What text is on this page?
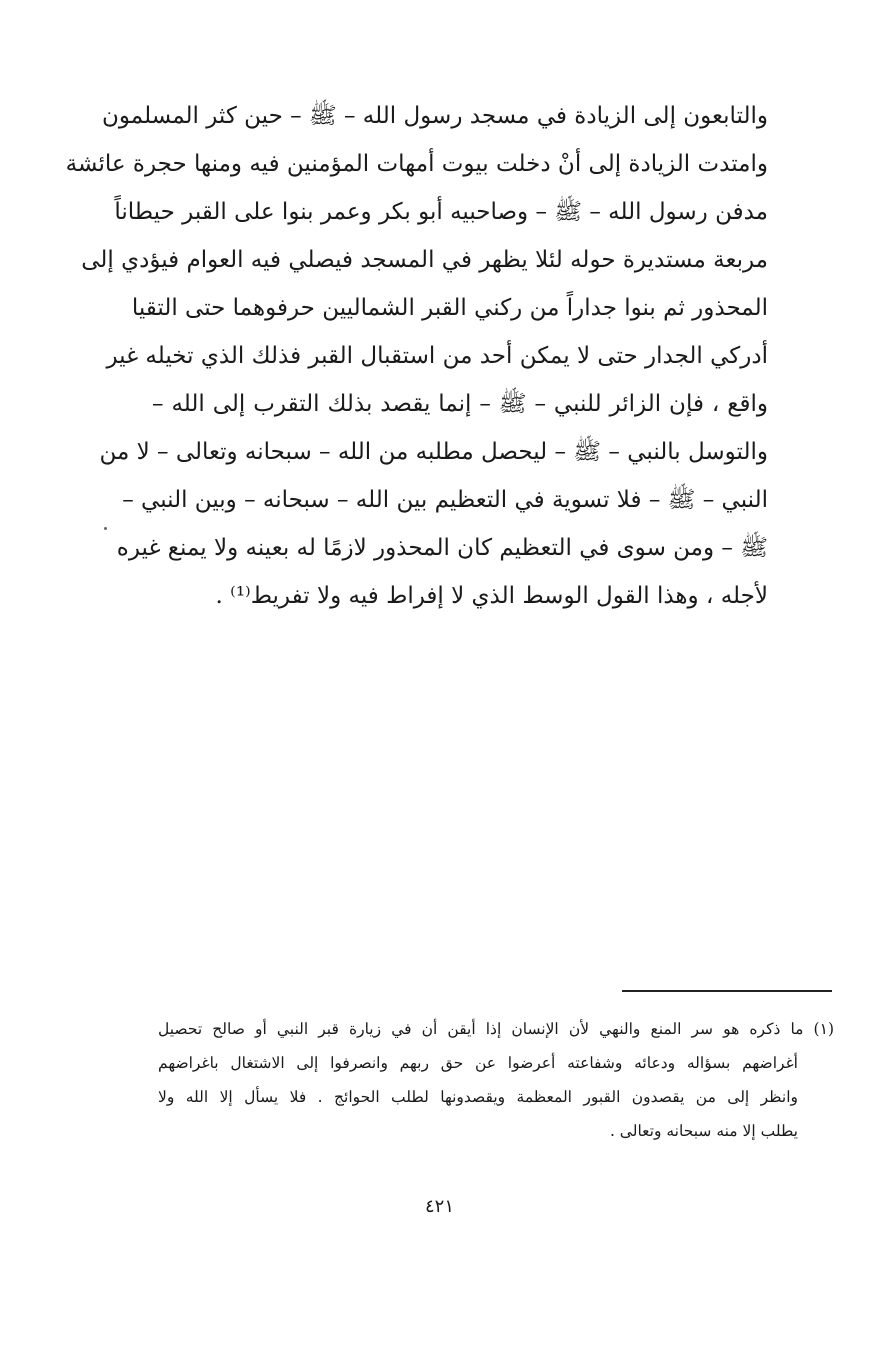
والتابعون إلى الزيادة في مسجد رسول الله – ﷺ – حين كثر المسلمون
وامتدت الزيادة إلى أنْ دخلت بيوت أمهات المؤمنين فيه ومنها حجرة عائشة
مدفن رسول الله – ﷺ – وصاحبيه أبو بكر وعمر بنوا على القبر حيطاناً
مربعة مستديرة حوله لئلا يظهر في المسجد فيصلي فيه العوام فيؤدي إلى
المحذور ثم بنوا جداراً من ركني القبر الشماليين حرفوهما حتى التقيا
أدركي الجدار حتى لا يمكن أحد من استقبال القبر فذلك الذي تخيله غير
واقع ، فإن الزائر للنبي – ﷺ – إنما يقصد بذلك التقرب إلى الله –
والتوسل بالنبي – ﷺ – ليحصل مطلبه من الله – سبحانه وتعالى – لا من
النبي – ﷺ – فلا تسوية في التعظيم بين الله – سبحانه – وبين النبي –
ﷺ – ومن سوى في التعظيم كان المحذور لازمًا له بعينه ولا يمنع غيره
لأجله ، وهذا القول الوسط الذي لا إفراط فيه ولا تفريط⁽¹⁾ .
(١) ما ذكره هو سر المنع والنهي لأن الإنسان إذا أيقن أن في زيارة قبر النبي أو صالح تحصيل
أغراضهم بسؤاله ودعائه وشفاعته أعرضوا عن حق ربهم وانصرفوا إلى الاشتغال باغراضهم
وانظر إلى من يقصدون القبور المعظمة ويقصدونها لطلب الحوائج . فلا يسأل إلا الله ولا
يطلب إلا منه سبحانه وتعالى .
٤٢١
